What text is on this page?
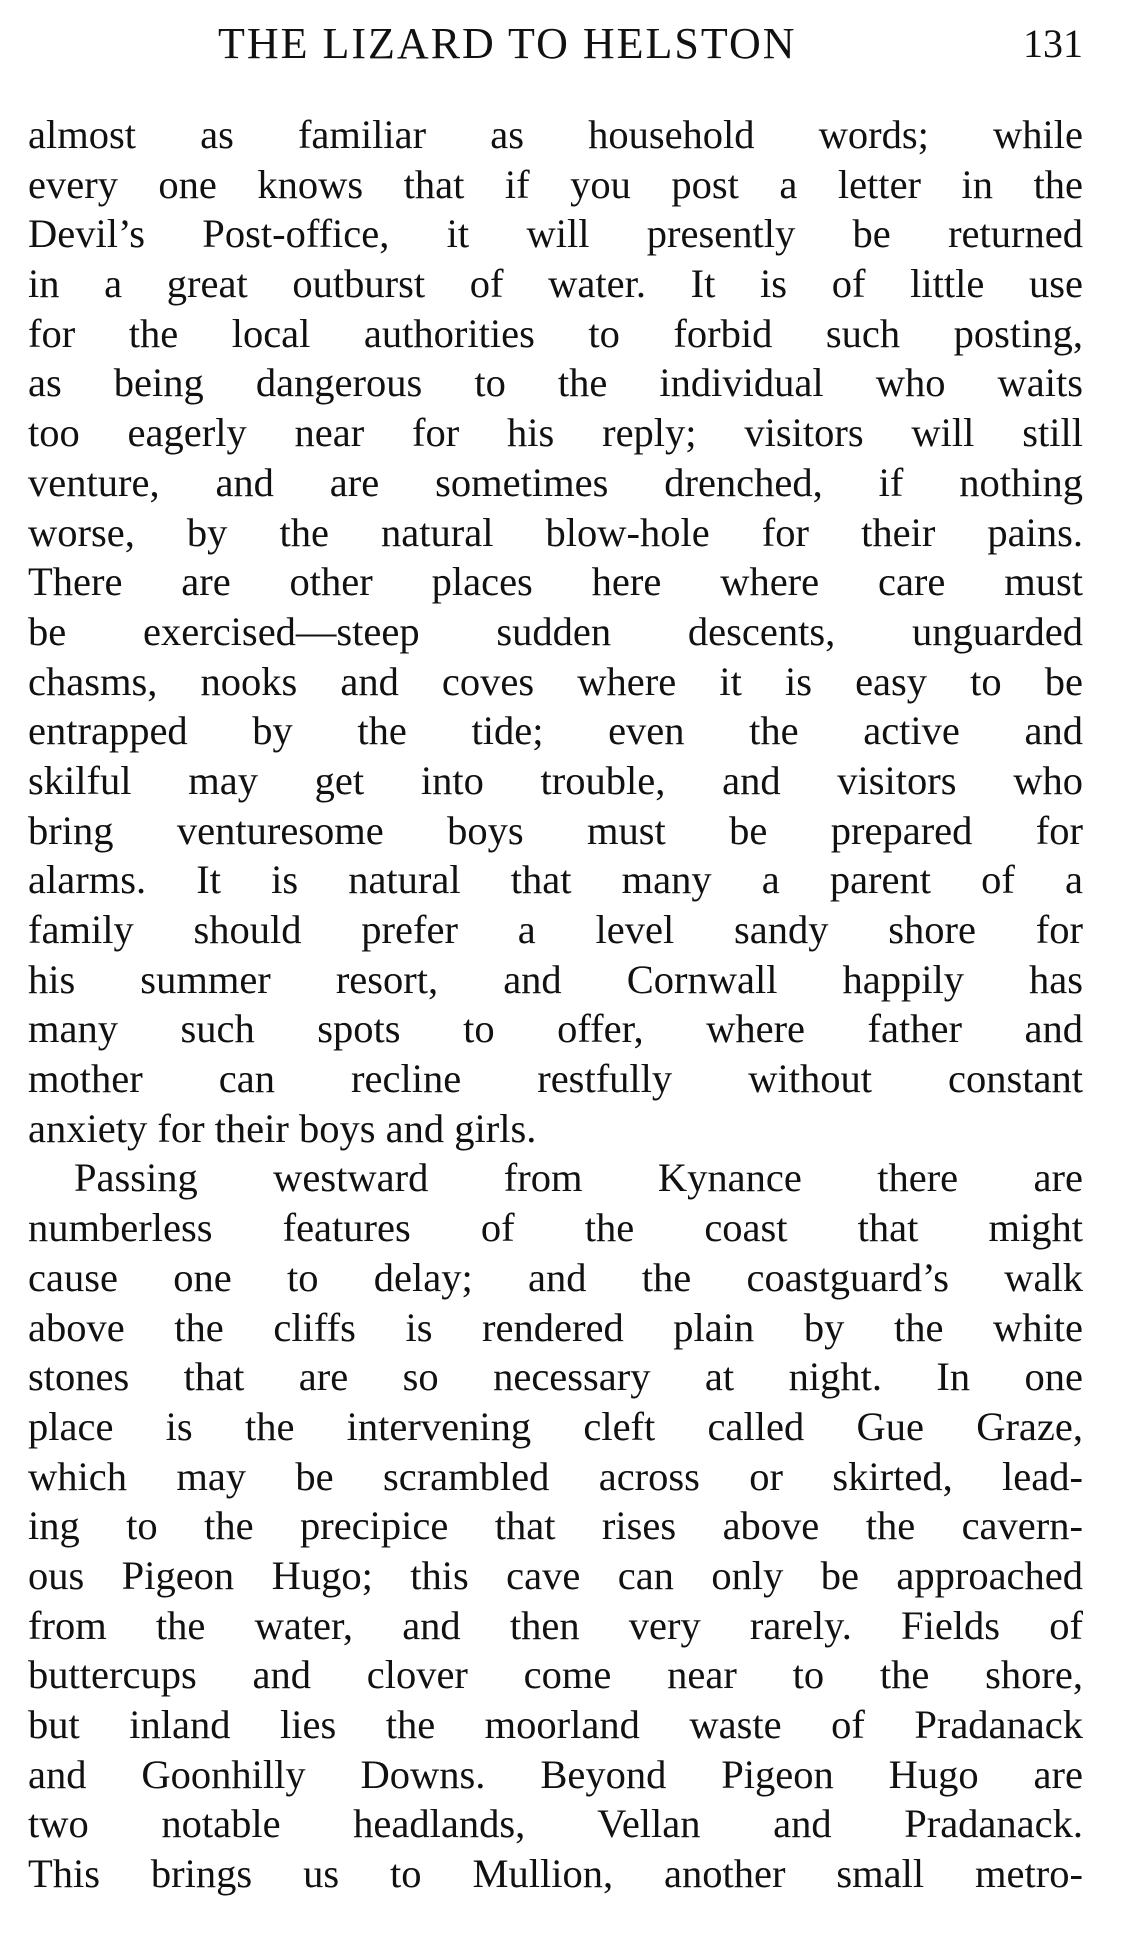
THE LIZARD TO HELSTON	131
almost as familiar as household words; while
every one knows that if you post a letter in the
Devil’s Post-office, it will presently be returned
in a great outburst of water. It is of little use
for the local authorities to forbid such posting,
as being dangerous to the individual who waits
too eagerly near for his reply; visitors will still
venture, and are sometimes drenched, if nothing
worse, by the natural blow-hole for their pains.
There are other places here where care must
be exercised—steep sudden descents, unguarded
chasms, nooks and coves where it is easy to be
entrapped by the tide; even the active and
skilful may get into trouble, and visitors who
bring venturesome boys must be prepared for
alarms. It is natural that many a parent of a
family should prefer a level sandy shore for
his summer resort, and Cornwall happily has
many such spots to offer, where father and
mother can recline restfully without constant
anxiety for their boys and girls.
Passing westward from Kynance there are
numberless features of the coast that might
cause one to delay; and the coastguard’s walk
above the cliffs is rendered plain by the white
stones that are so necessary at night. In one
place is the intervening cleft called Gue Graze,
which may be scrambled across or skirted, lead-
ing to the precipice that rises above the cavern-
ous Pigeon Hugo; this cave can only be approached
from the water, and then very rarely. Fields of
buttercups and clover come near to the shore,
but inland lies the moorland waste of Pradanack
and Goonhilly Downs. Beyond Pigeon Hugo are
two notable headlands, Vellan and Pradanack.
This brings us to Mullion, another small metro-
